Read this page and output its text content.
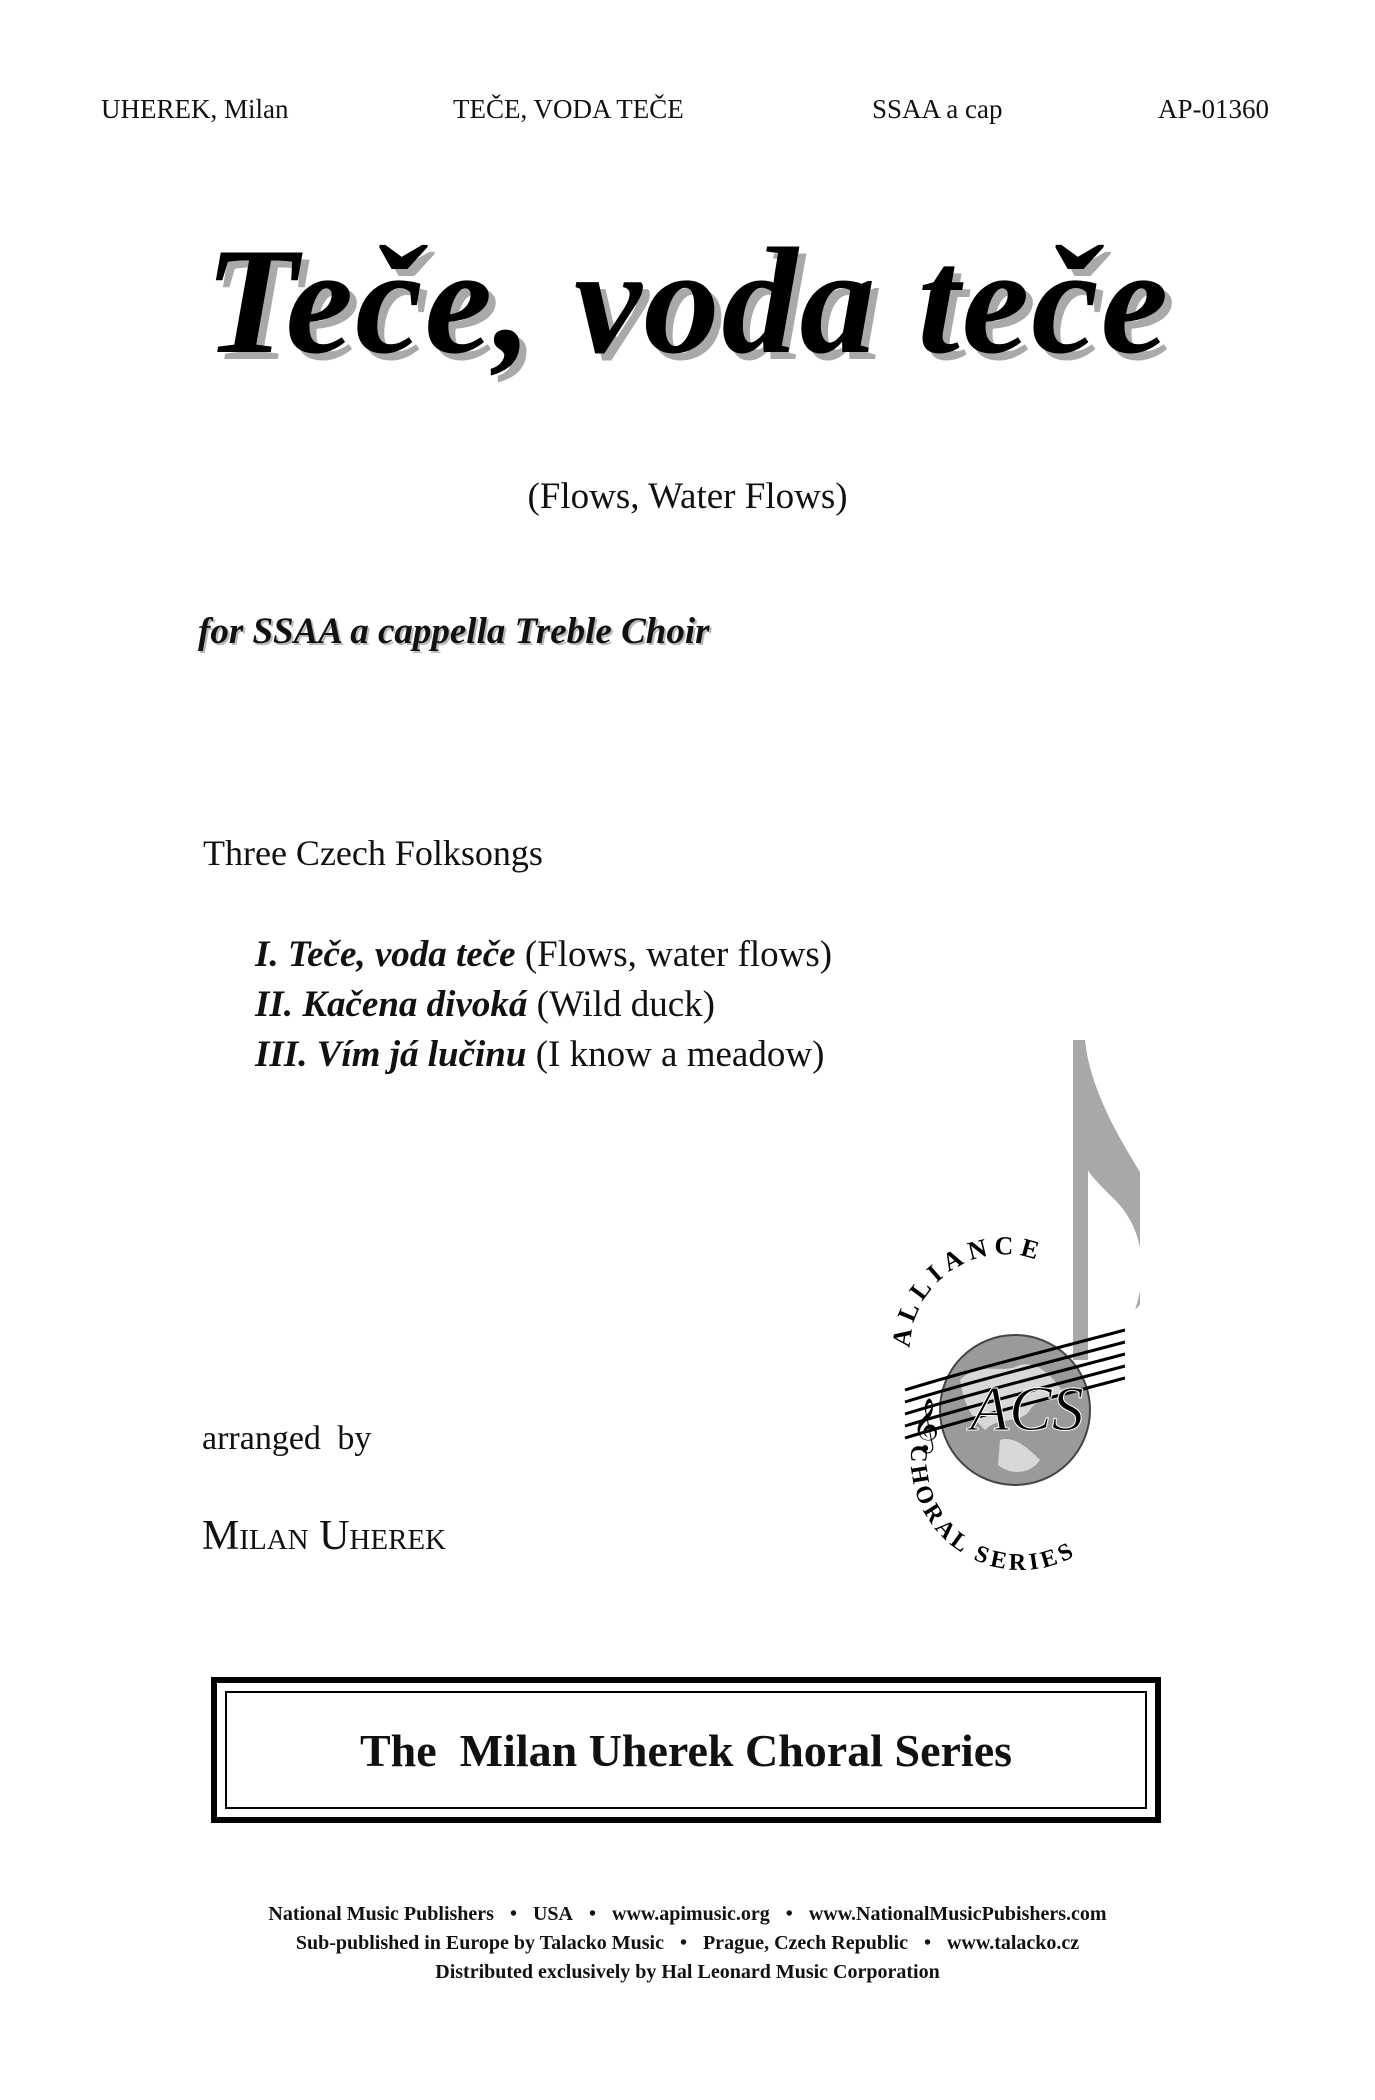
UHEREK, Milan	TEČE, VODA TEČE	SSAA a cap	AP-01360
Teče, voda teče
(Flows, Water Flows)
for SSAA a cappella Treble Choir
Three Czech Folksongs
I. Teče, voda teče (Flows, water flows)
II. Kačena divoká (Wild duck)
III. Vím já lučinu (I know a meadow)
arranged by
Milan Uherek
𝄞 ACS
ALLIANCE
CHORAL SERIES
The  Milan Uherek Choral Series
National Music Publishers • USA • www.apimusic.org • www.NationalMusicPubishers.com
Sub-published in Europe by Talacko Music • Prague, Czech Republic • www.talacko.cz
Distributed exclusively by Hal Leonard Music Corporation
